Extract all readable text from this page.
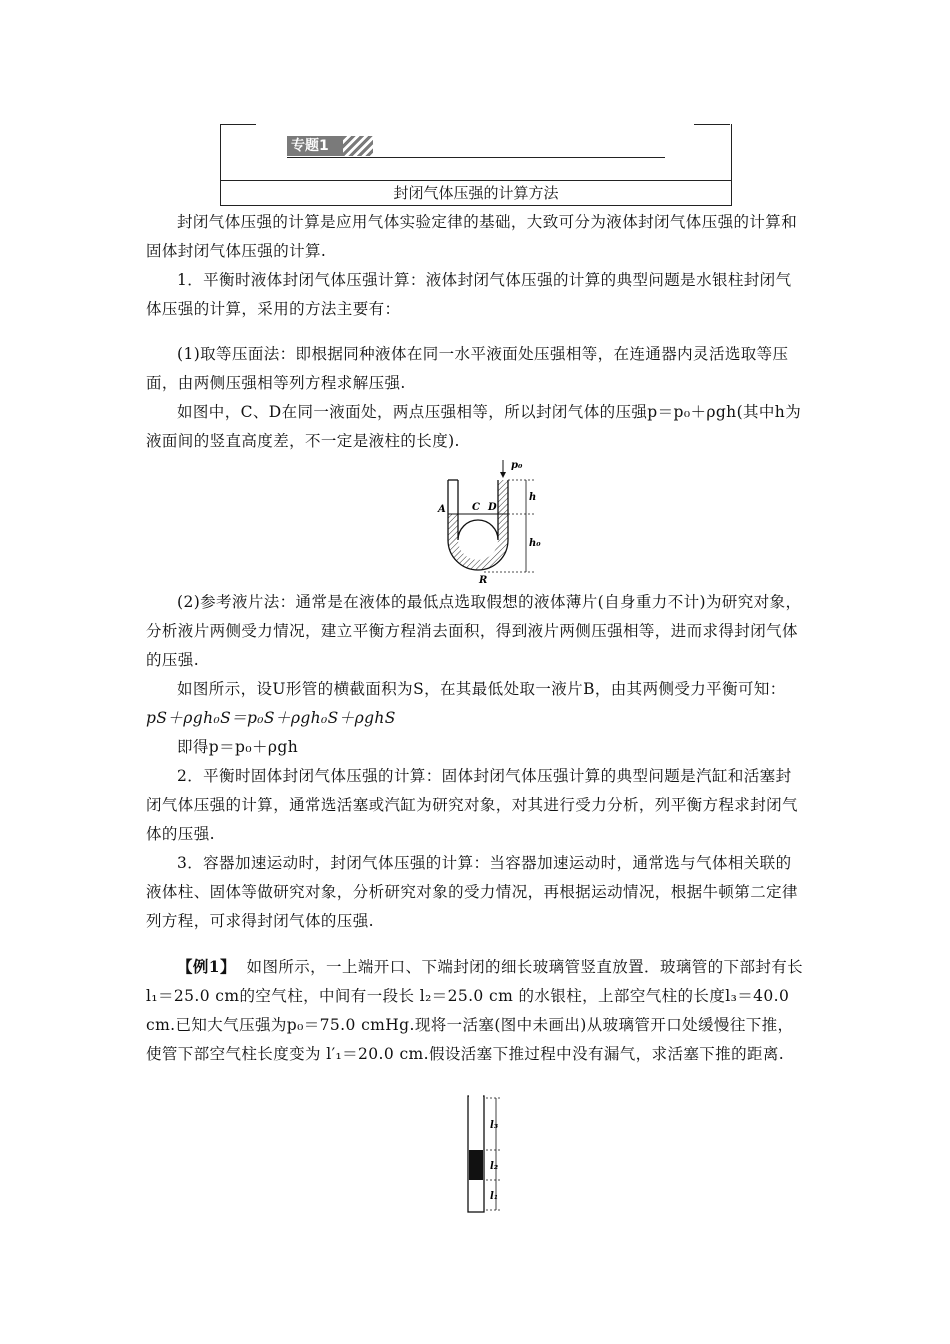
专题1
封闭气体压强的计算方法

封闭气体压强的计算是应用气体实验定律的基础，大致可分为液体封闭气体压强的计算和固体封闭气体压强的计算.

1．平衡时液体封闭气体压强计算：液体封闭气体压强的计算的典型问题是水银柱封闭气体压强的计算，采用的方法主要有：

(1)取等压面法：即根据同种液体在同一水平液面处压强相等，在连通器内灵活选取等压面，由两侧压强相等列方程求解压强.

如图中，C、D在同一液面处，两点压强相等，所以封闭气体的压强p＝p₀＋ρgh(其中h为液面间的竖直高度差，不一定是液柱的长度).

p₀
h
h₀
A	C D
R

(2)参考液片法：通常是在液体的最低点选取假想的液体薄片(自身重力不计)为研究对象，分析液片两侧受力情况，建立平衡方程消去面积，得到液片两侧压强相等，进而求得封闭气体的压强.

如图所示，设U形管的横截面积为S，在其最低处取一液片B，由其两侧受力平衡可知：

pS＋ρgh₀S＝p₀S＋ρgh₀S＋ρghS

即得p＝p₀＋ρgh

2．平衡时固体封闭气体压强的计算：固体封闭气体压强计算的典型问题是汽缸和活塞封闭气体压强的计算，通常选活塞或汽缸为研究对象，对其进行受力分析，列平衡方程求封闭气体的压强.

3．容器加速运动时，封闭气体压强的计算：当容器加速运动时，通常选与气体相关联的液体柱、固体等做研究对象，分析研究对象的受力情况，再根据运动情况，根据牛顿第二定律列方程，可求得封闭气体的压强.

【例1】 如图所示，一上端开口、下端封闭的细长玻璃管竖直放置．玻璃管的下部封有长 l₁＝25.0 cm的空气柱，中间有一段长 l₂＝25.0 cm 的水银柱，上部空气柱的长度l₃＝40.0 cm.已知大气压强为p₀＝75.0 cmHg.现将一活塞(图中未画出)从玻璃管开口处缓慢往下推，使管下部空气柱长度变为 l′₁＝20.0 cm.假设活塞下推过程中没有漏气，求活塞下推的距离.

l₃
l₂
l₁
